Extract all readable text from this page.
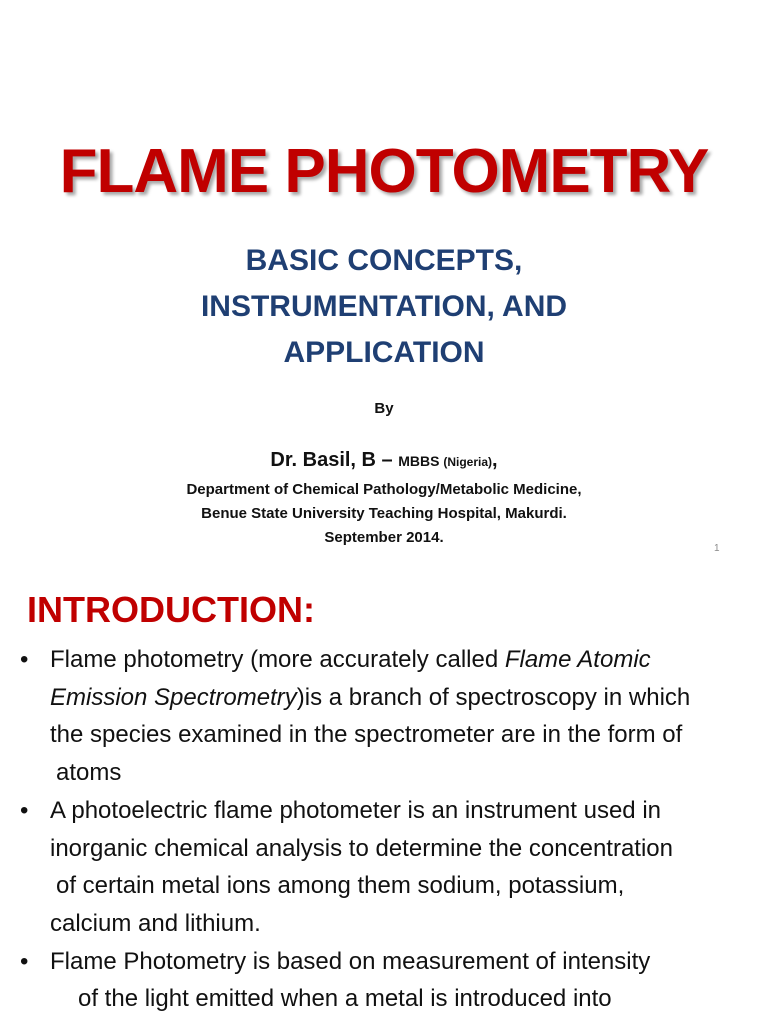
FLAME PHOTOMETRY
BASIC CONCEPTS,
INSTRUMENTATION, AND
APPLICATION
By
Dr. Basil, B – MBBS (Nigeria),
Department of Chemical Pathology/Metabolic Medicine,
Benue State University Teaching Hospital, Makurdi.
September 2014.
1
INTRODUCTION:
• Flame photometry (more accurately called Flame Atomic
Emission Spectrometry)is a branch of spectroscopy in which
the species examined in the spectrometer are in the form of
atoms
• A photoelectric flame photometer is an instrument used in
inorganic chemical analysis to determine the concentration
of certain metal ions among them sodium, potassium,
calcium and lithium.
• Flame Photometry is based on measurement of intensity
of the light emitted when a metal is introduced into
